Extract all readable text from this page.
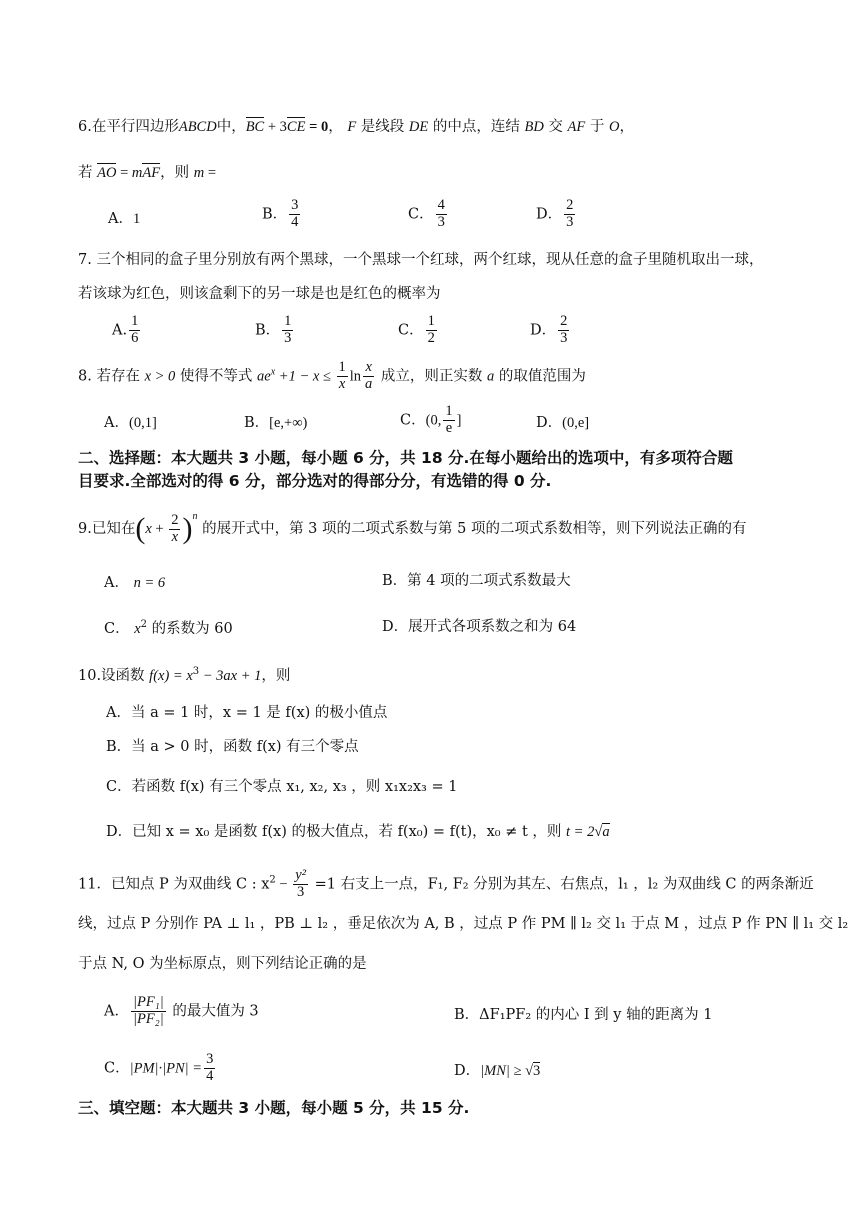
6.在平行四边形ABCD中，BC + 3CE = 0， F 是线段 DE 的中点，连结 BD 交 AF 于 O，
若 AO = mAF，则 m =
A．1	B． $\frac{3}{4}$	C． $\frac{4}{3}$	D． $\frac{2}{3}$
7. 三个相同的盒子里分别放有两个黑球，一个黑球一个红球，两个红球，现从任意的盒子里随机取出一球，
若该球为红色，则该盒剩下的另一球是也是红色的概率为
A. $\frac{1}{6}$	B． $\frac{1}{3}$	C． $\frac{1}{2}$	D． $\frac{2}{3}$
8. 若存在 x > 0 使得不等式 $ae^x +1 - x \le \frac{1}{x}$ $\ln \frac{x}{a}$ 成立，则正实数 a 的取值范围为
A．(0,1]	B．[e,+∞)	C．(0, $\frac{1}{e}$ ]	D．(0,e]
二、选择题：本大题共 3 小题，每小题 6 分，共 18 分.在每小题给出的选项中，有多项符合题
目要求.全部选对的得 6 分，部分选对的得部分分，有选错的得 0 分.
9.已知在$(x + \frac{2}{x} )^n$ 的展开式中，第 3 项的二项式系数与第 5 项的二项式系数相等，则下列说法正确的有
A． n = 6	B．第 4 项的二项式系数最大
C． $x^2$ 的系数为 60	D．展开式各项系数之和为 64
10.设函数 $f(x) = x^3 - 3ax + 1$，则
A．当 a = 1 时，x = 1 是 f(x) 的极小值点
B．当 a > 0 时，函数 f(x) 有三个零点
C．若函数 f(x) 有三个零点 x₁, x₂, x₃ ，则 x₁x₂x₃ = 1
D．已知 x = x₀ 是函数 f(x) 的极大值点，若 f(x₀) = f(t)，x₀ ≠ t ，则 t = 2√a
11．已知点 P 为双曲线 C : $x^2 - \frac{\text{y²}}{3} =1$ 右支上一点，F₁, F₂ 分别为其左、右焦点，l₁ ，l₂ 为双曲线 C 的两条渐近
线，过点 P 分别作 PA ⊥ l₁ ，PB ⊥ l₂ ，垂足依次为 A, B ，过点 P 作 PM ∥ l₂ 交 l₁ 于点 M ，过点 P 作 PN ∥ l₁ 交 l₂
于点 N, O 为坐标原点，则下列结论正确的是
A． $\frac{\text{|PF₁|}}{\text{|PF₂|}}$ 的最大值为 3	B．ΔF₁PF₂ 的内心 I 到 y 轴的距离为 1
C．$|PM|\cdot|PN| = \frac{3}{4}$	D．|MN| ≥ √3
三、填空题：本大题共 3 小题，每小题 5 分，共 15 分.
